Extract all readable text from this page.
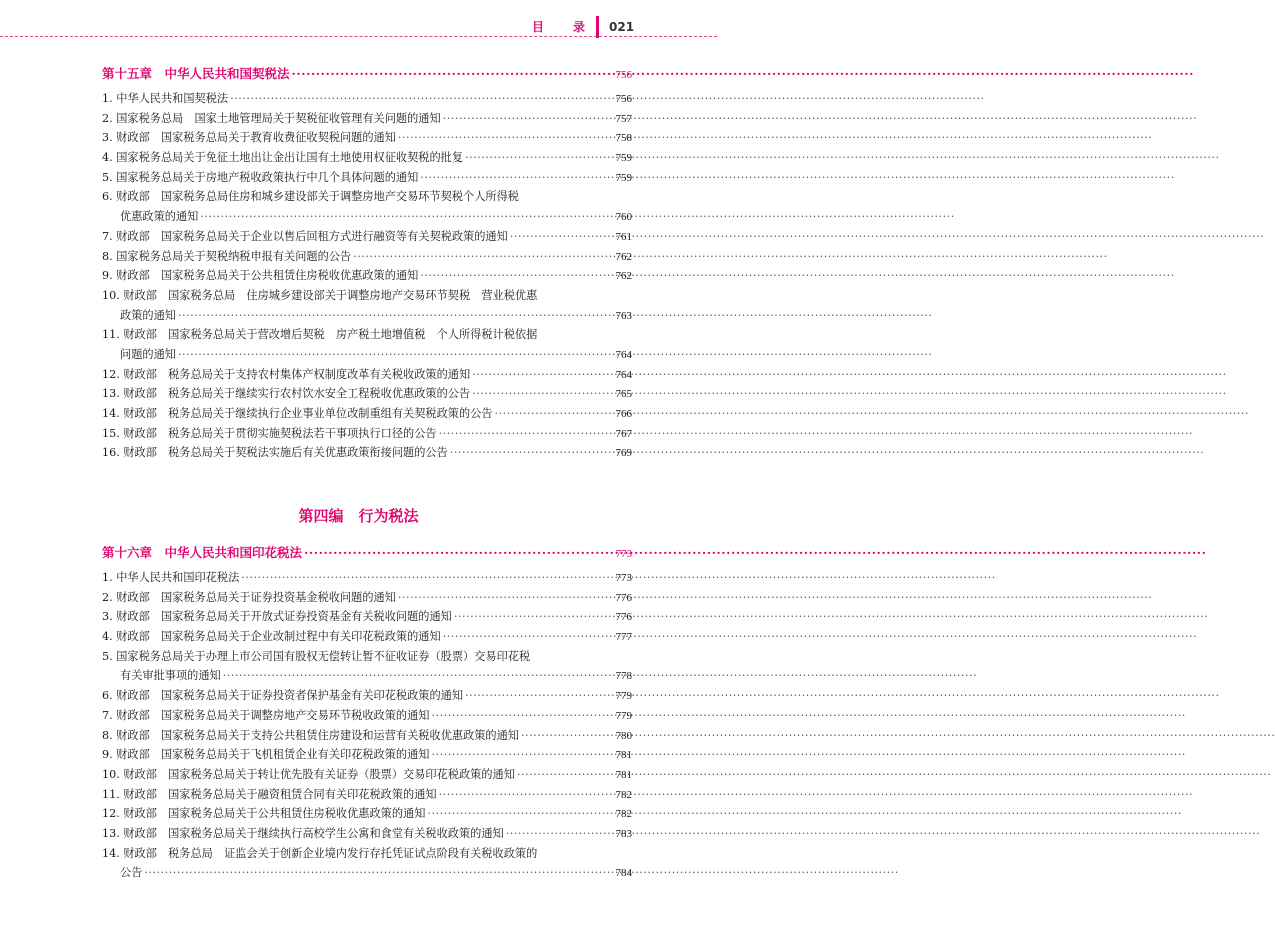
目 录 021
第十五章　中华人民共和国契税法 ·····	756
1. 中华人民共和国契税法 ·····	756
2. 国家税务总局　国家土地管理局关于契税征收管理有关问题的通知 ·····	757
3. 财政部　国家税务总局关于教育收费征收契税问题的通知 ·····	758
4. 国家税务总局关于免征土地出让金出让国有土地使用权征收契税的批复 ·····	759
5. 国家税务总局关于房地产税收政策执行中几个具体问题的通知 ·····	759
6. 财政部　国家税务总局住房和城乡建设部关于调整房地产交易环节契税个人所得税
优惠政策的通知 ·····	760
7. 财政部　国家税务总局关于企业以售后回租方式进行融资等有关契税政策的通知 ·····	761
8. 国家税务总局关于契税纳税申报有关问题的公告 ·····	762
9. 财政部　国家税务总局关于公共租赁住房税收优惠政策的通知 ·····	762
10. 财政部　国家税务总局　住房城乡建设部关于调整房地产交易环节契税　营业税优惠
政策的通知 ·····	763
11. 财政部　国家税务总局关于营改增后契税　房产税土地增值税　个人所得税计税依据
问题的通知 ·····	764
12. 财政部　税务总局关于支持农村集体产权制度改革有关税收政策的通知 ·····	764
13. 财政部　税务总局关于继续实行农村饮水安全工程税收优惠政策的公告 ·····	765
14. 财政部　税务总局关于继续执行企业事业单位改制重组有关契税政策的公告 ·····	766
15. 财政部　税务总局关于贯彻实施契税法若干事项执行口径的公告 ·····	767
16. 财政部　税务总局关于契税法实施后有关优惠政策衔接问题的公告 ·····	769
第四编　行为税法
第十六章　中华人民共和国印花税法 ·····	773
1. 中华人民共和国印花税法 ·····	773
2. 财政部　国家税务总局关于证券投资基金税收问题的通知 ·····	776
3. 财政部　国家税务总局关于开放式证券投资基金有关税收问题的通知 ·····	776
4. 财政部　国家税务总局关于企业改制过程中有关印花税政策的通知 ·····	777
5. 国家税务总局关于办理上市公司国有股权无偿转让暂不征收证券（股票）交易印花税
有关审批事项的通知 ·····	778
6. 财政部　国家税务总局关于证券投资者保护基金有关印花税政策的通知 ·····	779
7. 财政部　国家税务总局关于调整房地产交易环节税收政策的通知 ·····	779
8. 财政部　国家税务总局关于支持公共租赁住房建设和运营有关税收优惠政策的通知 ·····	780
9. 财政部　国家税务总局关于飞机租赁企业有关印花税政策的通知 ·····	781
10. 财政部　国家税务总局关于转让优先股有关证券（股票）交易印花税政策的通知 ·····	781
11. 财政部　国家税务总局关于融资租赁合同有关印花税政策的通知 ·····	782
12. 财政部　国家税务总局关于公共租赁住房税收优惠政策的通知 ·····	782
13. 财政部　国家税务总局关于继续执行高校学生公寓和食堂有关税收政策的通知 ·····	783
14. 财政部　税务总局　证监会关于创新企业境内发行存托凭证试点阶段有关税收政策的
公告 ·····	784
